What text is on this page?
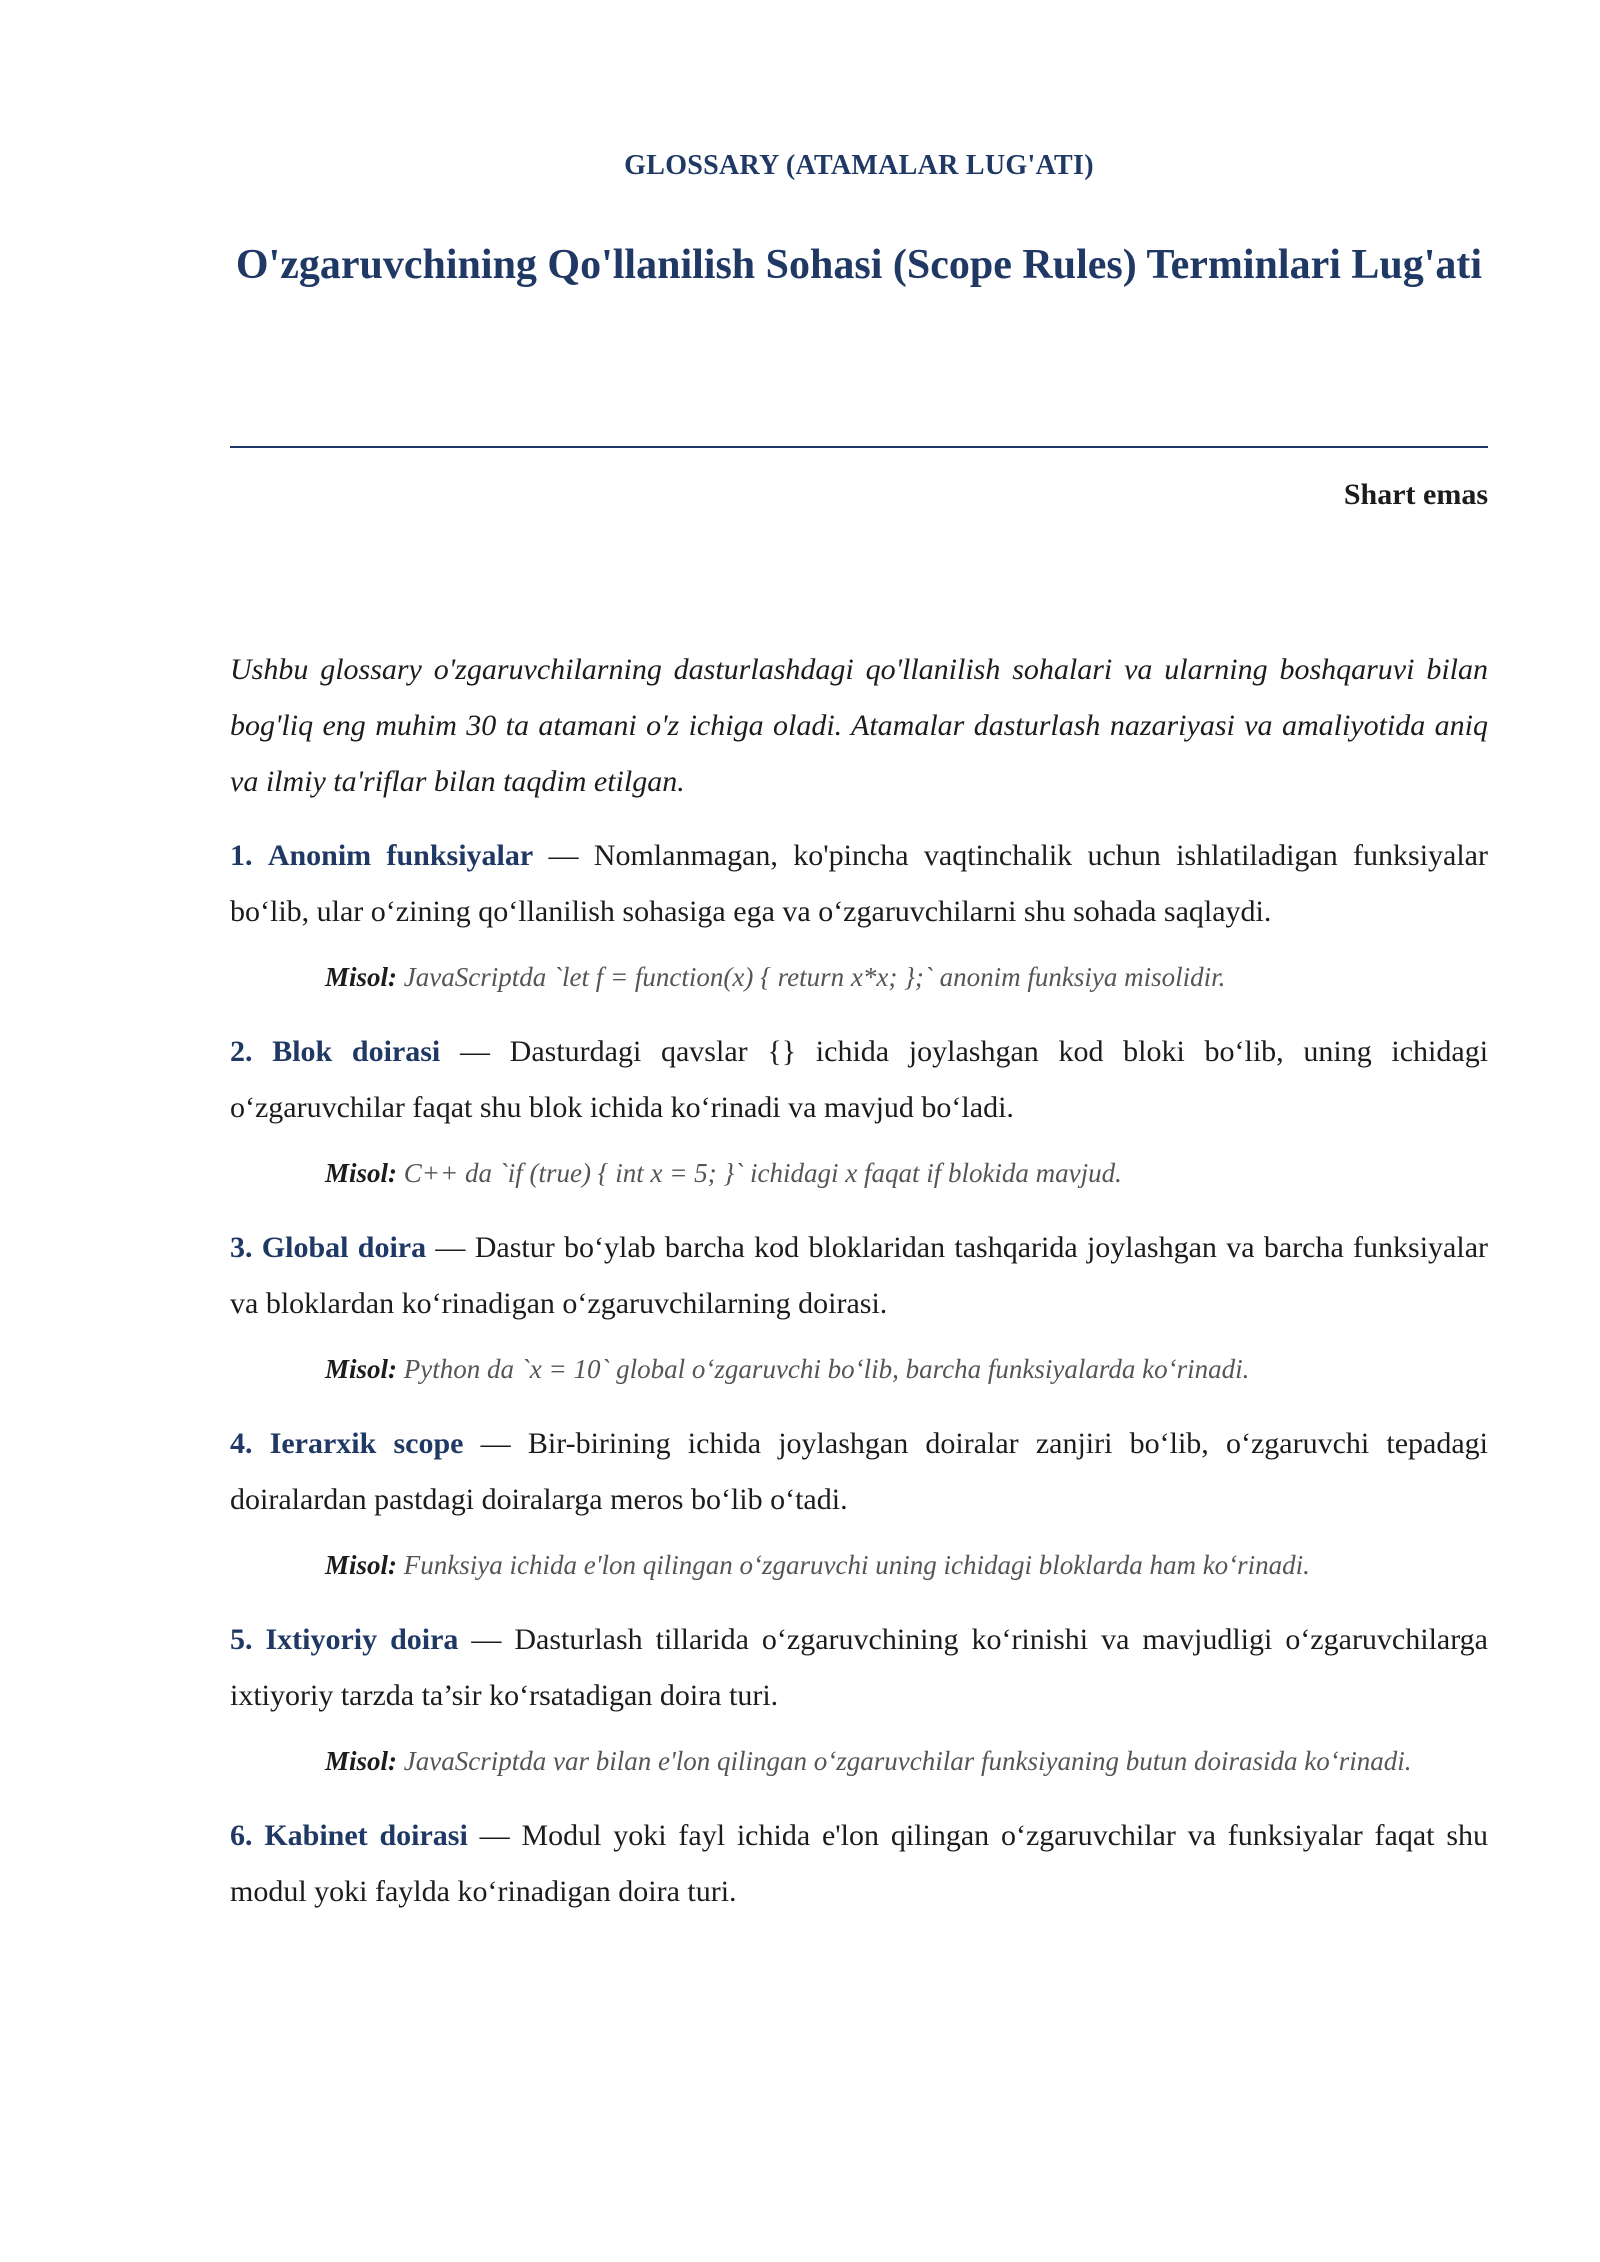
GLOSSARY (ATAMALAR LUG'ATI)
O'zgaruvchining Qo'llanilish Sohasi (Scope Rules) Terminlari Lug'ati
Shart emas

Ushbu glossary o'zgaruvchilarning dasturlashdagi qo'llanilish sohalari va ularning boshqaruvi bilan bog'liq eng muhim 30 ta atamani o'z ichiga oladi. Atamalar dasturlash nazariyasi va amaliyotida aniq va ilmiy ta'riflar bilan taqdim etilgan.

1. Anonim funksiyalar — Nomlanmagan, ko'pincha vaqtinchalik uchun ishlatiladigan funksiyalar bo‘lib, ular o‘zining qo‘llanilish sohasiga ega va o‘zgaruvchilarni shu sohada saqlaydi.

Misol: JavaScriptda `let f = function(x) { return x*x; };` anonim funksiya misolidir.

2. Blok doirasi — Dasturdagi qavslar {} ichida joylashgan kod bloki bo‘lib, uning ichidagi o‘zgaruvchilar faqat shu blok ichida ko‘rinadi va mavjud bo‘ladi.

Misol: C++ da `if (true) { int x = 5; }` ichidagi x faqat if blokida mavjud.

3. Global doira — Dastur bo‘ylab barcha kod bloklaridan tashqarida joylashgan va barcha funksiyalar va bloklardan ko‘rinadigan o‘zgaruvchilarning doirasi.

Misol: Python da `x = 10` global o‘zgaruvchi bo‘lib, barcha funksiyalarda ko‘rinadi.

4. Ierarxik scope — Bir-birining ichida joylashgan doiralar zanjiri bo‘lib, o‘zgaruvchi tepadagi doiralardan pastdagi doiralarga meros bo‘lib o‘tadi.

Misol: Funksiya ichida e'lon qilingan o‘zgaruvchi uning ichidagi bloklarda ham ko‘rinadi.

5. Ixtiyoriy doira — Dasturlash tillarida o‘zgaruvchining ko‘rinishi va mavjudligi o‘zgaruvchilarga ixtiyoriy tarzda ta’sir ko‘rsatadigan doira turi.

Misol: JavaScriptda var bilan e'lon qilingan o‘zgaruvchilar funksiyaning butun doirasida ko‘rinadi.

6. Kabinet doirasi — Modul yoki fayl ichida e'lon qilingan o‘zgaruvchilar va funksiyalar faqat shu modul yoki faylda ko‘rinadigan doira turi.
